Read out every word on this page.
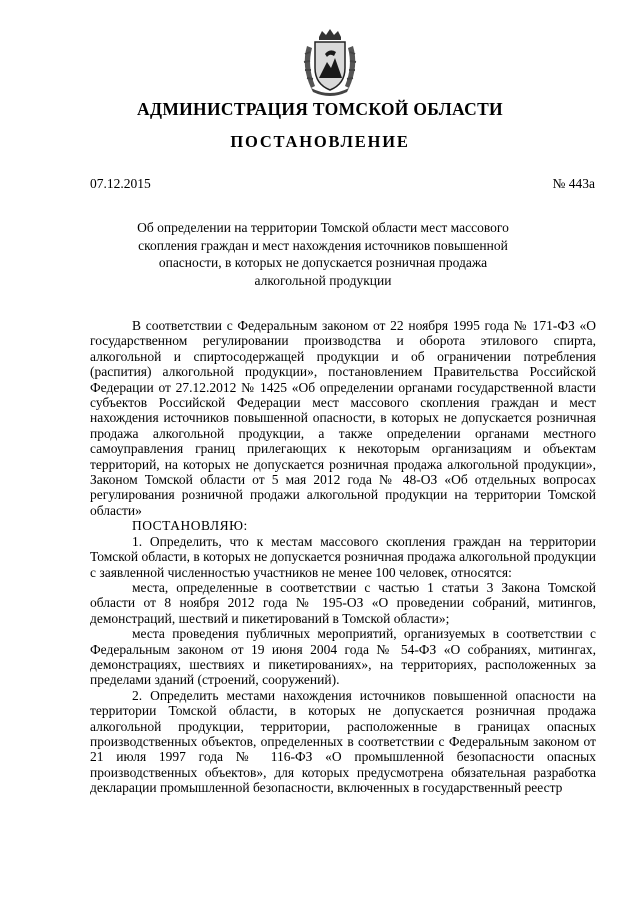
АДМИНИСТРАЦИЯ ТОМСКОЙ ОБЛАСТИ
ПОСТАНОВЛЕНИЕ
07.12.2015	№ 443а
Об определении на территории Томской области мест массового
скопления граждан и мест нахождения источников повышенной
опасности, в которых не допускается розничная продажа
алкогольной продукции

В соответствии с Федеральным законом от 22 ноября 1995 года № 171-ФЗ «О государственном регулировании производства и оборота этилового спирта, алкогольной и спиртосодержащей продукции и об ограничении потребления (распития) алкогольной продукции», постановлением Правительства Российской Федерации от 27.12.2012 № 1425 «Об определении органами государственной власти субъектов Российской Федерации мест массового скопления граждан и мест нахождения источников повышенной опасности, в которых не допускается розничная продажа алкогольной продукции, а также определении органами местного самоуправления границ прилегающих к некоторым организациям и объектам территорий, на которых не допускается розничная продажа алкогольной продукции», Законом Томской области от 5 мая 2012 года № 48-ОЗ «Об отдельных вопросах регулирования розничной продажи алкогольной продукции на территории Томской области»

ПОСТАНОВЛЯЮ:

1. Определить, что к местам массового скопления граждан на территории Томской области, в которых не допускается розничная продажа алкогольной продукции с заявленной численностью участников не менее 100 человек, относятся:

места, определенные в соответствии с частью 1 статьи 3 Закона Томской области от 8 ноября 2012 года № 195-ОЗ «О проведении собраний, митингов, демонстраций, шествий и пикетирований в Томской области»;

места проведения публичных мероприятий, организуемых в соответствии с Федеральным законом от 19 июня 2004 года № 54-ФЗ «О собраниях, митингах, демонстрациях, шествиях и пикетированиях», на территориях, расположенных за пределами зданий (строений, сооружений).

2. Определить местами нахождения источников повышенной опасности на территории Томской области, в которых не допускается розничная продажа алкогольной продукции, территории, расположенные в границах опасных производственных объектов, определенных в соответствии с Федеральным законом от 21 июля 1997 года № 116-ФЗ «О промышленной безопасности опасных производственных объектов», для которых предусмотрена обязательная разработка декларации промышленной безопасности, включенных в государственный реестр
